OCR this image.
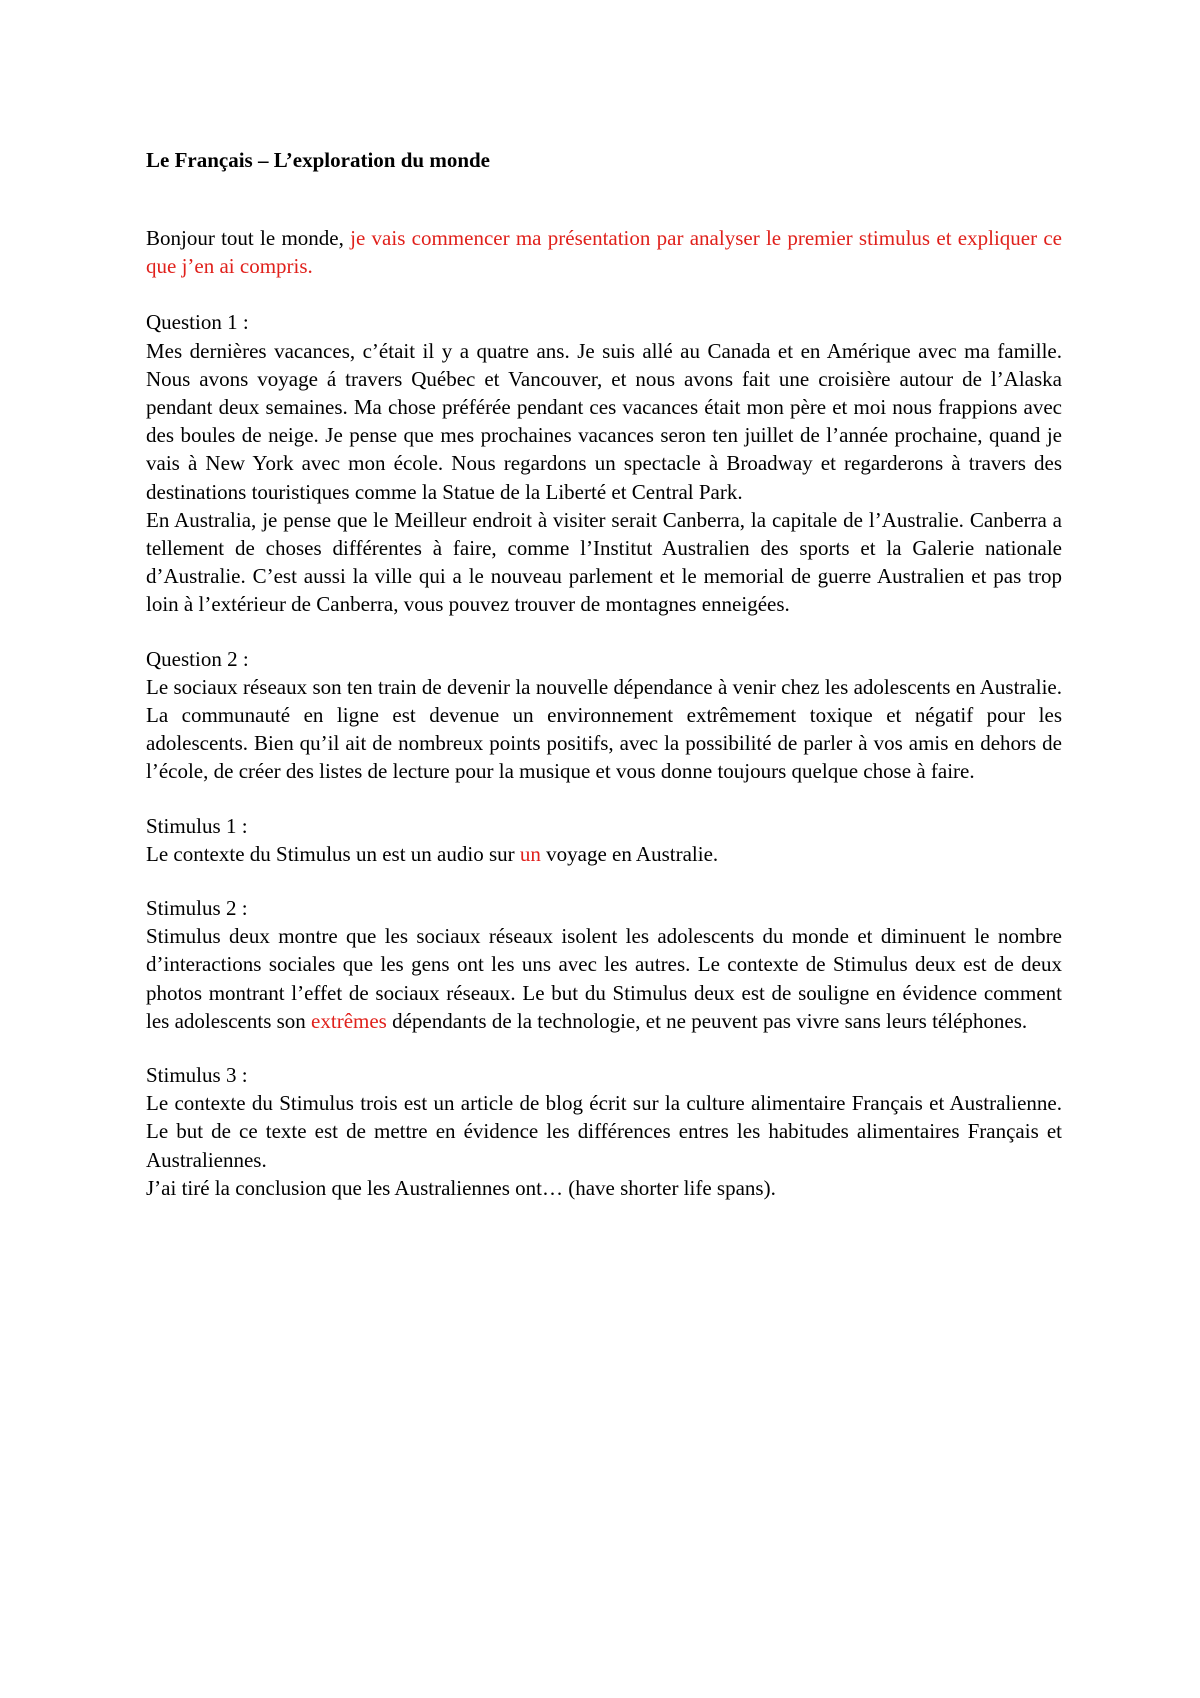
Le Français – L’exploration du monde
Bonjour tout le monde, je vais commencer ma présentation par analyser le premier stimulus et expliquer ce que j’en ai compris.
Question 1 :
Mes dernières vacances, c’était il y a quatre ans. Je suis allé au Canada et en Amérique avec ma famille. Nous avons voyage á travers Québec et Vancouver, et nous avons fait une croisière autour de l’Alaska pendant deux semaines. Ma chose préférée pendant ces vacances était mon père et moi nous frappions avec des boules de neige. Je pense que mes prochaines vacances seron ten juillet de l’année prochaine, quand je vais à New York avec mon école. Nous regardons un spectacle à Broadway et regarderons à travers des destinations touristiques comme la Statue de la Liberté et Central Park.
En Australia, je pense que le Meilleur endroit à visiter serait Canberra, la capitale de l’Australie. Canberra a tellement de choses différentes à faire, comme l’Institut Australien des sports et la Galerie nationale d’Australie. C’est aussi la ville qui a le nouveau parlement et le memorial de guerre Australien et pas trop loin à l’extérieur de Canberra, vous pouvez trouver de montagnes enneigées.
Question 2 :
Le sociaux réseaux son ten train de devenir la nouvelle dépendance à venir chez les adolescents en Australie. La communauté en ligne est devenue un environnement extrêmement toxique et négatif pour les adolescents. Bien qu’il ait de nombreux points positifs, avec la possibilité de parler à vos amis en dehors de l’école, de créer des listes de lecture pour la musique et vous donne toujours quelque chose à faire.
Stimulus 1 :
Le contexte du Stimulus un est un audio sur un voyage en Australie.
Stimulus 2 :
Stimulus deux montre que les sociaux réseaux isolent les adolescents du monde et diminuent le nombre d’interactions sociales que les gens ont les uns avec les autres. Le contexte de Stimulus deux est de deux photos montrant l’effet de sociaux réseaux. Le but du Stimulus deux est de souligne en évidence comment les adolescents son extrêmes dépendants de la technologie, et ne peuvent pas vivre sans leurs téléphones.
Stimulus 3 :
Le contexte du Stimulus trois est un article de blog écrit sur la culture alimentaire Français et Australienne. Le but de ce texte est de mettre en évidence les différences entres les habitudes alimentaires Français et Australiennes.
J’ai tiré la conclusion que les Australiennes ont… (have shorter life spans).
